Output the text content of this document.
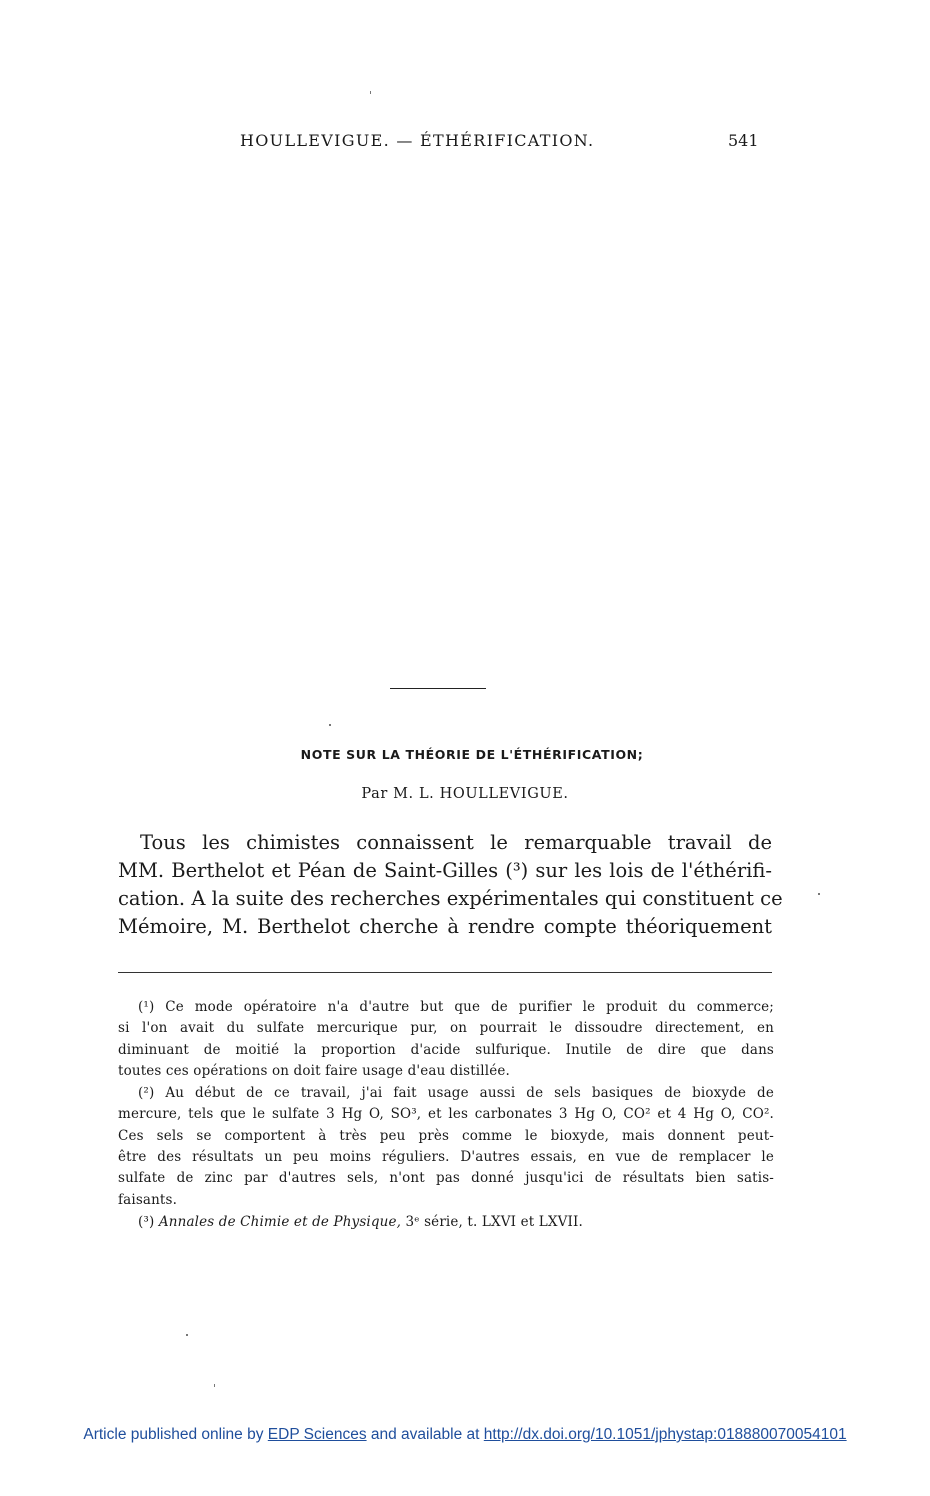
HOULLEVIGUE. — ÉTHÉRIFICATION.	541
NOTE SUR LA THÉORIE DE L'ÉTHÉRIFICATION;
Par M. L. HOULLEVIGUE.
Tous les chimistes connaissent le remarquable travail de
MM. Berthelot et Péan de Saint-Gilles (³) sur les lois de l'éthérifi-
cation. A la suite des recherches expérimentales qui constituent ce
Mémoire, M. Berthelot cherche à rendre compte théoriquement
(¹) Ce mode opératoire n'a d'autre but que de purifier le produit du commerce;
si l'on avait du sulfate mercurique pur, on pourrait le dissoudre directement, en
diminuant de moitié la proportion d'acide sulfurique. Inutile de dire que dans
toutes ces opérations on doit faire usage d'eau distillée.
(²) Au début de ce travail, j'ai fait usage aussi de sels basiques de bioxyde de
mercure, tels que le sulfate 3 Hg O, SO³, et les carbonates 3 Hg O, CO² et 4 Hg O, CO².
Ces sels se comportent à très peu près comme le bioxyde, mais donnent peut-
être des résultats un peu moins réguliers. D'autres essais, en vue de remplacer le
sulfate de zinc par d'autres sels, n'ont pas donné jusqu'ici de résultats bien satis-
faisants.
(³) Annales de Chimie et de Physique, 3ᵉ série, t. LXVI et LXVII.
Article published online by EDP Sciences and available at http://dx.doi.org/10.1051/jphystap:018880070054101
